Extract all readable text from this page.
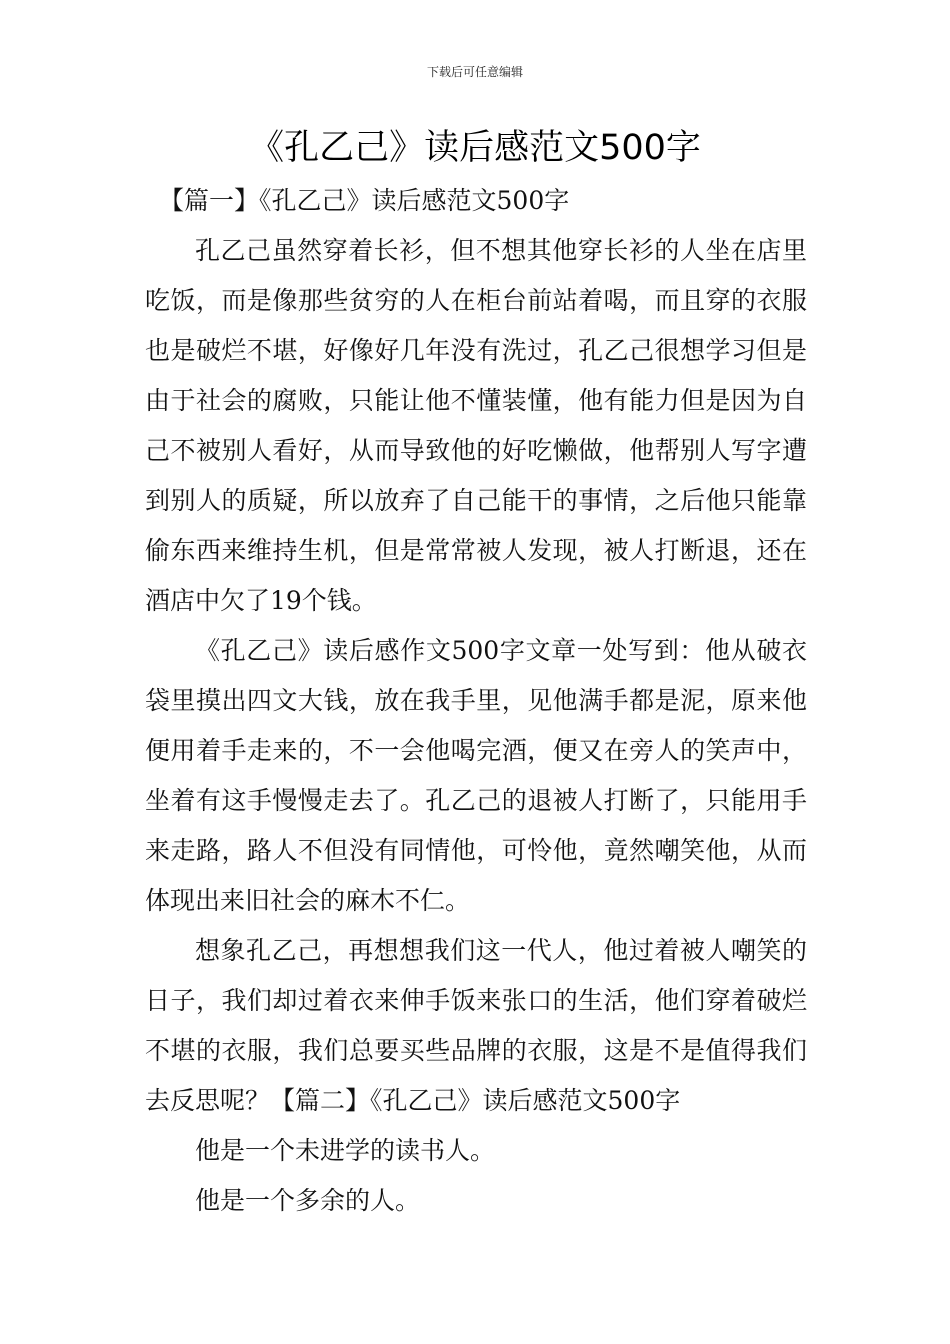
下载后可任意编辑
《孔乙己》读后感范文500字

【篇一】《孔乙己》读后感范文500字

孔乙己虽然穿着长衫，但不想其他穿长衫的人坐在店里吃饭，而是像那些贫穷的人在柜台前站着喝，而且穿的衣服也是破烂不堪，好像好几年没有洗过，孔乙己很想学习但是由于社会的腐败，只能让他不懂装懂，他有能力但是因为自己不被别人看好，从而导致他的好吃懒做，他帮别人写字遭到别人的质疑，所以放弃了自己能干的事情，之后他只能靠偷东西来维持生机，但是常常被人发现，被人打断退，还在酒店中欠了19个钱。

《孔乙己》读后感作文500字文章一处写到：他从破衣袋里摸出四文大钱，放在我手里，见他满手都是泥，原来他便用着手走来的，不一会他喝完酒，便又在旁人的笑声中，坐着有这手慢慢走去了。孔乙己的退被人打断了，只能用手来走路，路人不但没有同情他，可怜他，竟然嘲笑他，从而体现出来旧社会的麻木不仁。

想象孔乙己，再想想我们这一代人，他过着被人嘲笑的日子，我们却过着衣来伸手饭来张口的生活，他们穿着破烂不堪的衣服，我们总要买些品牌的衣服，这是不是值得我们去反思呢？【篇二】《孔乙己》读后感范文500字

他是一个未进学的读书人。

他是一个多余的人。
